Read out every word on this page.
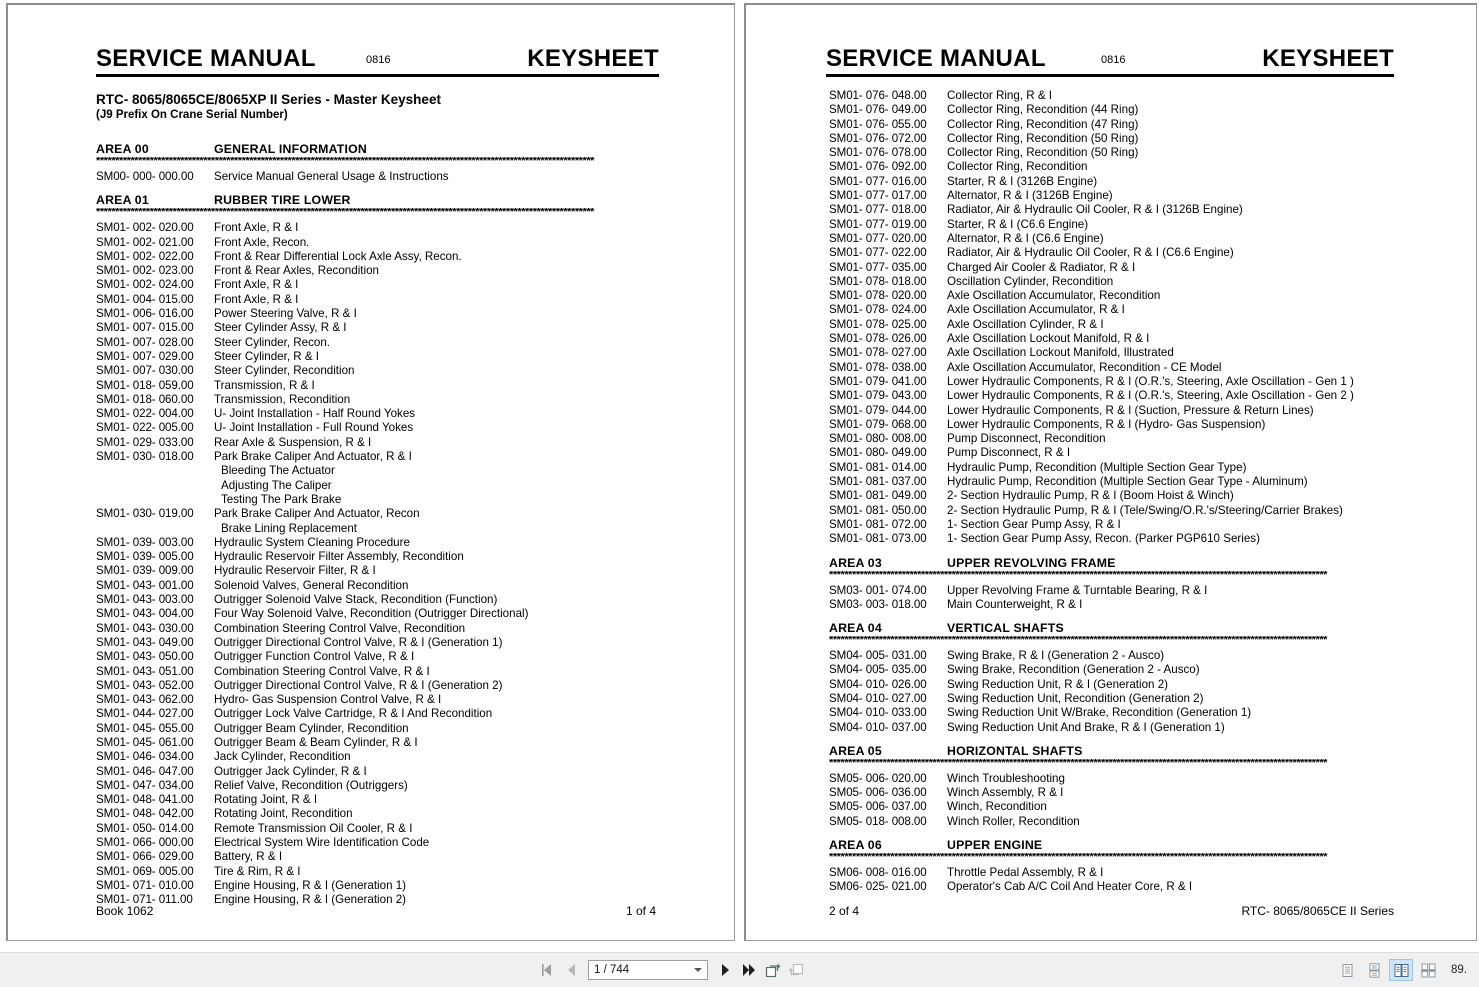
SERVICE MANUAL	0816	KEYSHEET
RTC- 8065/8065CE/8065XP II Series - Master Keysheet
(J9 Prefix On Crane Serial Number)
AREA 00	GENERAL INFORMATION
**********************************************************************************************************************************
SM00- 000- 000.00 Service Manual General Usage & Instructions
AREA 01	RUBBER TIRE LOWER
**********************************************************************************************************************************
SM01- 002- 020.00 Front Axle, R & I
SM01- 002- 021.00 Front Axle, Recon.
SM01- 002- 022.00 Front & Rear Differential Lock Axle Assy, Recon.
SM01- 002- 023.00 Front & Rear Axles, Recondition
SM01- 002- 024.00 Front Axle, R & I
SM01- 004- 015.00 Front Axle, R & I
SM01- 006- 016.00 Power Steering Valve, R & I
SM01- 007- 015.00 Steer Cylinder Assy, R & I
SM01- 007- 028.00 Steer Cylinder, Recon.
SM01- 007- 029.00 Steer Cylinder, R & I
SM01- 007- 030.00 Steer Cylinder, Recondition
SM01- 018- 059.00 Transmission, R & I
SM01- 018- 060.00 Transmission, Recondition
SM01- 022- 004.00 U- Joint Installation - Half Round Yokes
SM01- 022- 005.00 U- Joint Installation - Full Round Yokes
SM01- 029- 033.00 Rear Axle & Suspension, R & I
SM01- 030- 018.00 Park Brake Caliper And Actuator, R & I
Bleeding The Actuator
Adjusting The Caliper
Testing The Park Brake
SM01- 030- 019.00 Park Brake Caliper And Actuator, Recon
Brake Lining Replacement
SM01- 039- 003.00 Hydraulic System Cleaning Procedure
SM01- 039- 005.00 Hydraulic Reservoir Filter Assembly, Recondition
SM01- 039- 009.00 Hydraulic Reservoir Filter, R & I
SM01- 043- 001.00 Solenoid Valves, General Recondition
SM01- 043- 003.00 Outrigger Solenoid Valve Stack, Recondition (Function)
SM01- 043- 004.00 Four Way Solenoid Valve, Recondition (Outrigger Directional)
SM01- 043- 030.00 Combination Steering Control Valve, Recondition
SM01- 043- 049.00 Outrigger Directional Control Valve, R & I (Generation 1)
SM01- 043- 050.00 Outrigger Function Control Valve, R & I
SM01- 043- 051.00 Combination Steering Control Valve, R & I
SM01- 043- 052.00 Outrigger Directional Control Valve, R & I (Generation 2)
SM01- 043- 062.00 Hydro- Gas Suspension Control Valve, R & I
SM01- 044- 027.00 Outrigger Lock Valve Cartridge, R & I And Recondition
SM01- 045- 055.00 Outrigger Beam Cylinder, Recondition
SM01- 045- 061.00 Outrigger Beam & Beam Cylinder, R & I
SM01- 046- 034.00 Jack Cylinder, Recondition
SM01- 046- 047.00 Outrigger Jack Cylinder, R & I
SM01- 047- 034.00 Relief Valve, Recondition (Outriggers)
SM01- 048- 041.00 Rotating Joint, R & I
SM01- 048- 042.00 Rotating Joint, Recondition
SM01- 050- 014.00 Remote Transmission Oil Cooler, R & I
SM01- 066- 000.00 Electrical System Wire Identification Code
SM01- 066- 029.00 Battery, R & I
SM01- 069- 005.00 Tire & Rim, R & I
SM01- 071- 010.00 Engine Housing, R & I (Generation 1)
SM01- 071- 011.00 Engine Housing, R & I (Generation 2)
Book 1062	1 of 4
SERVICE MANUAL	0816	KEYSHEET
SM01- 076- 048.00 Collector Ring, R & I
SM01- 076- 049.00 Collector Ring, Recondition (44 Ring)
SM01- 076- 055.00 Collector Ring, Recondition (47 Ring)
SM01- 076- 072.00 Collector Ring, Recondition (50 Ring)
SM01- 076- 078.00 Collector Ring, Recondition (50 Ring)
SM01- 076- 092.00 Collector Ring, Recondition
SM01- 077- 016.00 Starter, R & I (3126B Engine)
SM01- 077- 017.00 Alternator, R & I (3126B Engine)
SM01- 077- 018.00 Radiator, Air & Hydraulic Oil Cooler, R & I (3126B Engine)
SM01- 077- 019.00 Starter, R & I (C6.6 Engine)
SM01- 077- 020.00 Alternator, R & I (C6.6 Engine)
SM01- 077- 022.00 Radiator, Air & Hydraulic Oil Cooler, R & I (C6.6 Engine)
SM01- 077- 035.00 Charged Air Cooler & Radiator, R & I
SM01- 078- 018.00 Oscillation Cylinder, Recondition
SM01- 078- 020.00 Axle Oscillation Accumulator, Recondition
SM01- 078- 024.00 Axle Oscillation Accumulator, R & I
SM01- 078- 025.00 Axle Oscillation Cylinder, R & I
SM01- 078- 026.00 Axle Oscillation Lockout Manifold, R & I
SM01- 078- 027.00 Axle Oscillation Lockout Manifold, Illustrated
SM01- 078- 038.00 Axle Oscillation Accumulator, Recondition - CE Model
SM01- 079- 041.00 Lower Hydraulic Components, R & I (O.R.'s, Steering, Axle Oscillation - Gen 1 )
SM01- 079- 043.00 Lower Hydraulic Components, R & I (O.R.'s, Steering, Axle Oscillation - Gen 2 )
SM01- 079- 044.00 Lower Hydraulic Components, R & I (Suction, Pressure & Return Lines)
SM01- 079- 068.00 Lower Hydraulic Components, R & I (Hydro- Gas Suspension)
SM01- 080- 008.00 Pump Disconnect, Recondition
SM01- 080- 049.00 Pump Disconnect, R & I
SM01- 081- 014.00 Hydraulic Pump, Recondition (Multiple Section Gear Type)
SM01- 081- 037.00 Hydraulic Pump, Recondition (Multiple Section Gear Type - Aluminum)
SM01- 081- 049.00 2- Section Hydraulic Pump, R & I (Boom Hoist & Winch)
SM01- 081- 050.00 2- Section Hydraulic Pump, R & I (Tele/Swing/O.R.'s/Steering/Carrier Brakes)
SM01- 081- 072.00 1- Section Gear Pump Assy, R & I
SM01- 081- 073.00 1- Section Gear Pump Assy, Recon. (Parker PGP610 Series)
AREA 03	UPPER REVOLVING FRAME
**********************************************************************************************************************************
SM03- 001- 074.00 Upper Revolving Frame & Turntable Bearing, R & I
SM03- 003- 018.00 Main Counterweight, R & I
AREA 04	VERTICAL SHAFTS
**********************************************************************************************************************************
SM04- 005- 031.00 Swing Brake, R & I (Generation 2 - Ausco)
SM04- 005- 035.00 Swing Brake, Recondition (Generation 2 - Ausco)
SM04- 010- 026.00 Swing Reduction Unit, R & I (Generation 2)
SM04- 010- 027.00 Swing Reduction Unit, Recondition (Generation 2)
SM04- 010- 033.00 Swing Reduction Unit W/Brake, Recondition (Generation 1)
SM04- 010- 037.00 Swing Reduction Unit And Brake, R & I (Generation 1)
AREA 05	HORIZONTAL SHAFTS
**********************************************************************************************************************************
SM05- 006- 020.00 Winch Troubleshooting
SM05- 006- 036.00 Winch Assembly, R & I
SM05- 006- 037.00 Winch, Recondition
SM05- 018- 008.00 Winch Roller, Recondition
AREA 06	UPPER ENGINE
**********************************************************************************************************************************
SM06- 008- 016.00 Throttle Pedal Assembly, R & I
SM06- 025- 021.00 Operator's Cab A/C Coil And Heater Core, R & I
2 of 4	RTC- 8065/8065CE II Series
1 / 744	89.
